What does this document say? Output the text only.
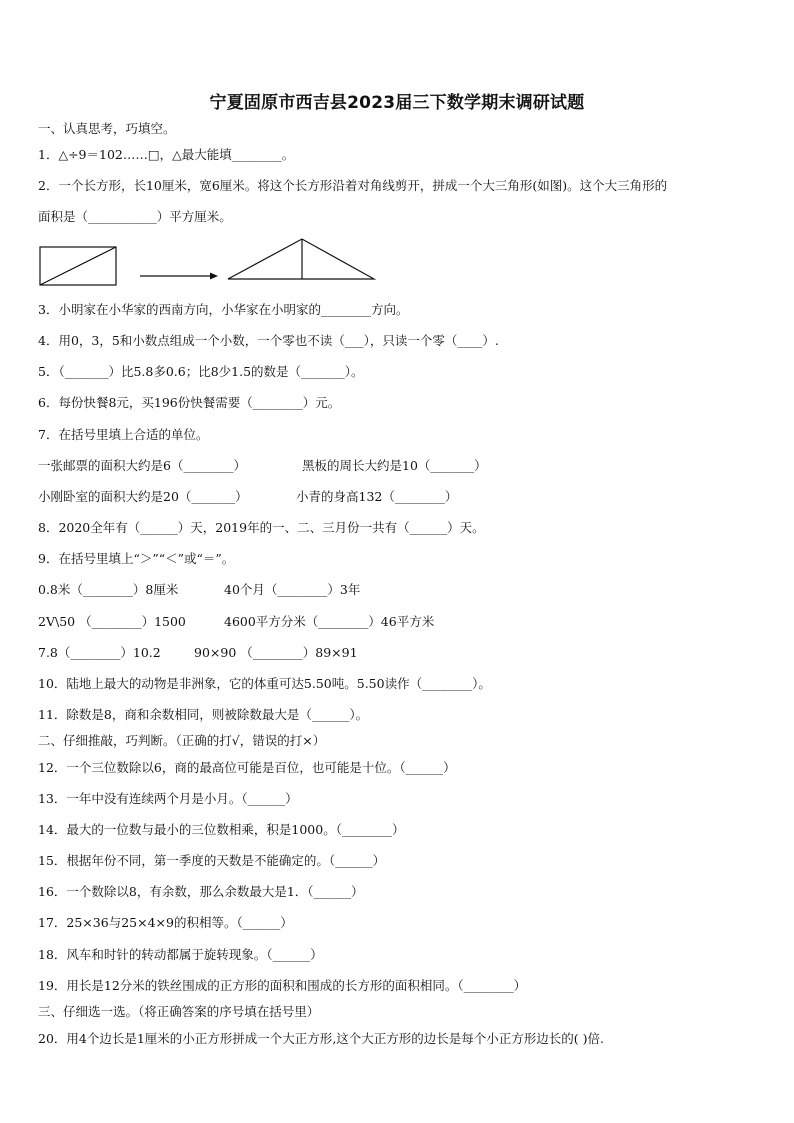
宁夏固原市西吉县2023届三下数学期末调研试题
一、认真思考，巧填空。
1．△÷9＝102……□，△最大能填________。
2．一个长方形，长10厘米，宽6厘米。将这个长方形沿着对角线剪开，拼成一个大三角形(如图)。这个大三角形的
面积是（___________）平方厘米。
3．小明家在小华家的西南方向，小华家在小明家的________方向。
4．用0，3，5和小数点组成一个小数，一个零也不读（___），只读一个零（____）.
5．（_______）比5.8多0.6；比8少1.5的数是（_______）。
6．每份快餐8元，买196份快餐需要（________）元。
7．在括号里填上合适的单位。
一张邮票的面积大约是6（________）	黑板的周长大约是10（_______）
小刚卧室的面积大约是20（_______）	小青的身高132（________）
8．2020全年有（______）天，2019年的一、二、三月份一共有（______）天。
9．在括号里填上“＞”“＜”或“＝”。
0.8米（________）8厘米	40个月（________）3年
2V\50 （________）1500	4600平方分米（________）46平方米
7.8（________）10.2	90×90 （________）89×91
10．陆地上最大的动物是非洲象，它的体重可达5.50吨。5.50读作（________）。
11．除数是8，商和余数相同，则被除数最大是（______）。
二、仔细推敲，巧判断。（正确的打√，错误的打×）
12．一个三位数除以6，商的最高位可能是百位，也可能是十位。（______）
13．一年中没有连续两个月是小月。（______）
14．最大的一位数与最小的三位数相乘，积是1000。（________）
15．根据年份不同，第一季度的天数是不能确定的。（______）
16．一个数除以8，有余数，那么余数最大是1．（______）
17．25×36与25×4×9的积相等。（______）
18．风车和时针的转动都属于旋转现象。（______）
19．用长是12分米的铁丝围成的正方形的面积和围成的长方形的面积相同。（________）
三、仔细选一选。（将正确答案的序号填在括号里）
20．用4个边长是1厘米的小正方形拼成一个大正方形,这个大正方形的边长是每个小正方形边长的( )倍.
